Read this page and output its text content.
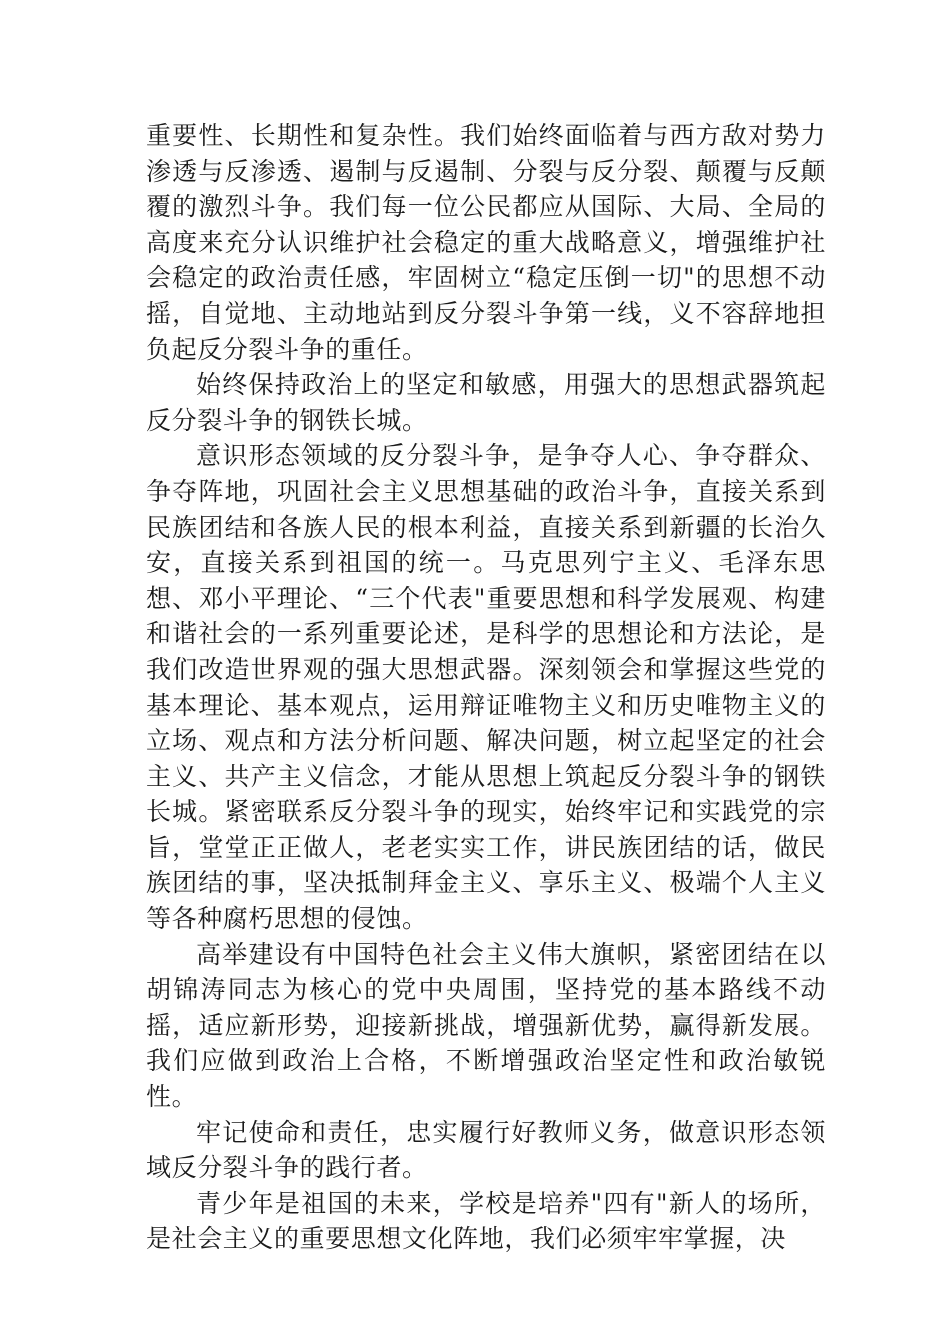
重要性、长期性和复杂性。我们始终面临着与西方敌对势力渗透与反渗透、遏制与反遏制、分裂与反分裂、颠覆与反颠覆的激烈斗争。我们每一位公民都应从国际、大局、全局的高度来充分认识维护社会稳定的重大战略意义，增强维护社会稳定的政治责任感，牢固树立“稳定压倒一切"的思想不动摇，自觉地、主动地站到反分裂斗争第一线，义不容辞地担负起反分裂斗争的重任。

始终保持政治上的坚定和敏感，用强大的思想武器筑起反分裂斗争的钢铁长城。

意识形态领域的反分裂斗争，是争夺人心、争夺群众、争夺阵地，巩固社会主义思想基础的政治斗争，直接关系到民族团结和各族人民的根本利益，直接关系到新疆的长治久安，直接关系到祖国的统一。马克思列宁主义、毛泽东思想、邓小平理论、“三个代表"重要思想和科学发展观、构建和谐社会的一系列重要论述，是科学的思想论和方法论，是我们改造世界观的强大思想武器。深刻领会和掌握这些党的基本理论、基本观点，运用辩证唯物主义和历史唯物主义的立场、观点和方法分析问题、解决问题，树立起坚定的社会主义、共产主义信念，才能从思想上筑起反分裂斗争的钢铁长城。紧密联系反分裂斗争的现实，始终牢记和实践党的宗旨，堂堂正正做人，老老实实工作，讲民族团结的话，做民族团结的事，坚决抵制拜金主义、享乐主义、极端个人主义等各种腐朽思想的侵蚀。

高举建设有中国特色社会主义伟大旗帜，紧密团结在以胡锦涛同志为核心的党中央周围，坚持党的基本路线不动摇，适应新形势，迎接新挑战，增强新优势，赢得新发展。我们应做到政治上合格，不断增强政治坚定性和政治敏锐性。

牢记使命和责任，忠实履行好教师义务，做意识形态领域反分裂斗争的践行者。

青少年是祖国的未来，学校是培养"四有"新人的场所，是社会主义的重要思想文化阵地，我们必须牢牢掌握，决
